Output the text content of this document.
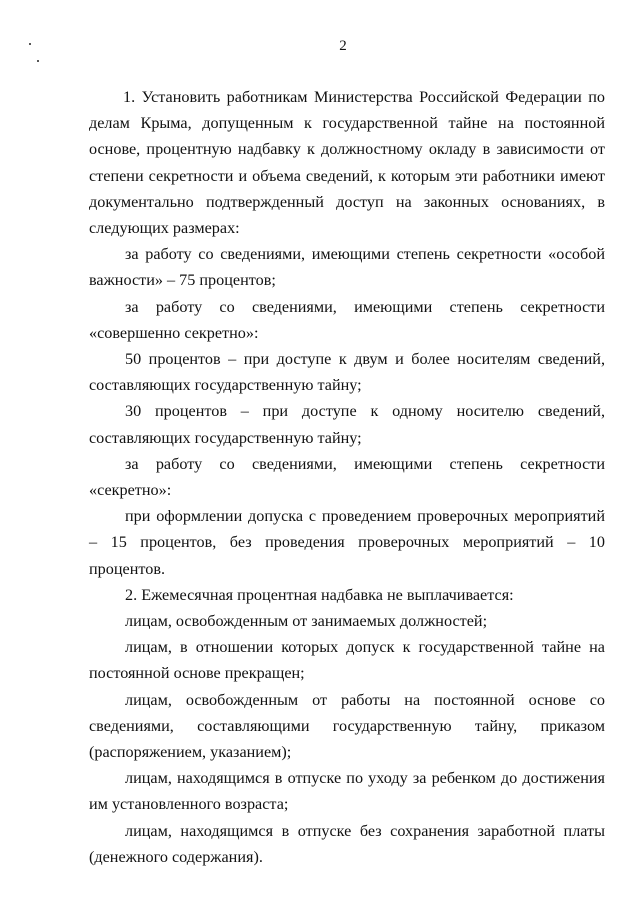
2

1. Установить работникам Министерства Российской Федерации по делам Крыма, допущенным к государственной тайне на постоянной основе, процентную надбавку к должностному окладу в зависимости от степени секретности и объема сведений, к которым эти работники имеют документально подтвержденный доступ на законных основаниях, в следующих размерах:

за работу со сведениями, имеющими степень секретности «особой важности» – 75 процентов;

за работу со сведениями, имеющими степень секретности «совершенно секретно»:

50 процентов – при доступе к двум и более носителям сведений, составляющих государственную тайну;

30 процентов – при доступе к одному носителю сведений, составляющих государственную тайну;

за работу со сведениями, имеющими степень секретности «секретно»:

при оформлении допуска с проведением проверочных мероприятий – 15 процентов, без проведения проверочных мероприятий – 10 процентов.

2. Ежемесячная процентная надбавка не выплачивается:

лицам, освобожденным от занимаемых должностей;

лицам, в отношении которых допуск к государственной тайне на постоянной основе прекращен;

лицам, освобожденным от работы на постоянной основе со сведениями, составляющими государственную тайну, приказом (распоряжением, указанием);

лицам, находящимся в отпуске по уходу за ребенком до достижения им установленного возраста;

лицам, находящимся в отпуске без сохранения заработной платы (денежного содержания).
